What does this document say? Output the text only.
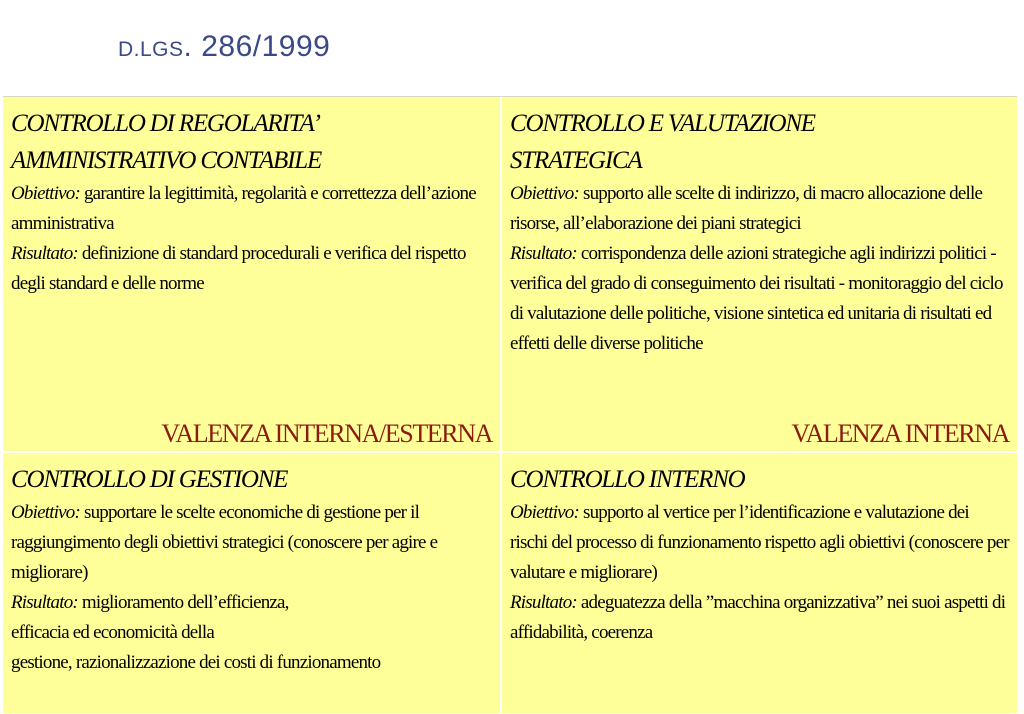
D.LGS. 286/1999
CONTROLLO DI REGOLARITA’
AMMINISTRATIVO CONTABILE
Obiettivo: garantire la legittimità, regolarità e correttezza dell’azione amministrativa
Risultato: definizione di standard procedurali e verifica del rispetto degli standard e delle norme
VALENZA INTERNA/ESTERNA
CONTROLLO E VALUTAZIONE
STRATEGICA
Obiettivo: supporto alle scelte di indirizzo, di macro allocazione delle risorse, all’elaborazione dei piani strategici
Risultato: corrispondenza delle azioni strategiche agli indirizzi politici -verifica del grado di conseguimento dei risultati - monitoraggio del ciclo di valutazione delle politiche, visione sintetica ed unitaria di risultati ed effetti delle diverse politiche
VALENZA INTERNA
CONTROLLO DI GESTIONE
Obiettivo: supportare le scelte economiche di gestione per il raggiungimento degli obiettivi strategici (conoscere per agire e migliorare)
Risultato: miglioramento dell’efficienza,
efficacia ed economicità della
gestione, razionalizzazione dei costi di funzionamento
CONTROLLO INTERNO
Obiettivo: supporto al vertice per l’identificazione e valutazione dei rischi del processo di funzionamento rispetto agli obiettivi (conoscere per valutare e migliorare)
Risultato: adeguatezza della ”macchina organizzativa” nei suoi aspetti di affidabilità, coerenza
